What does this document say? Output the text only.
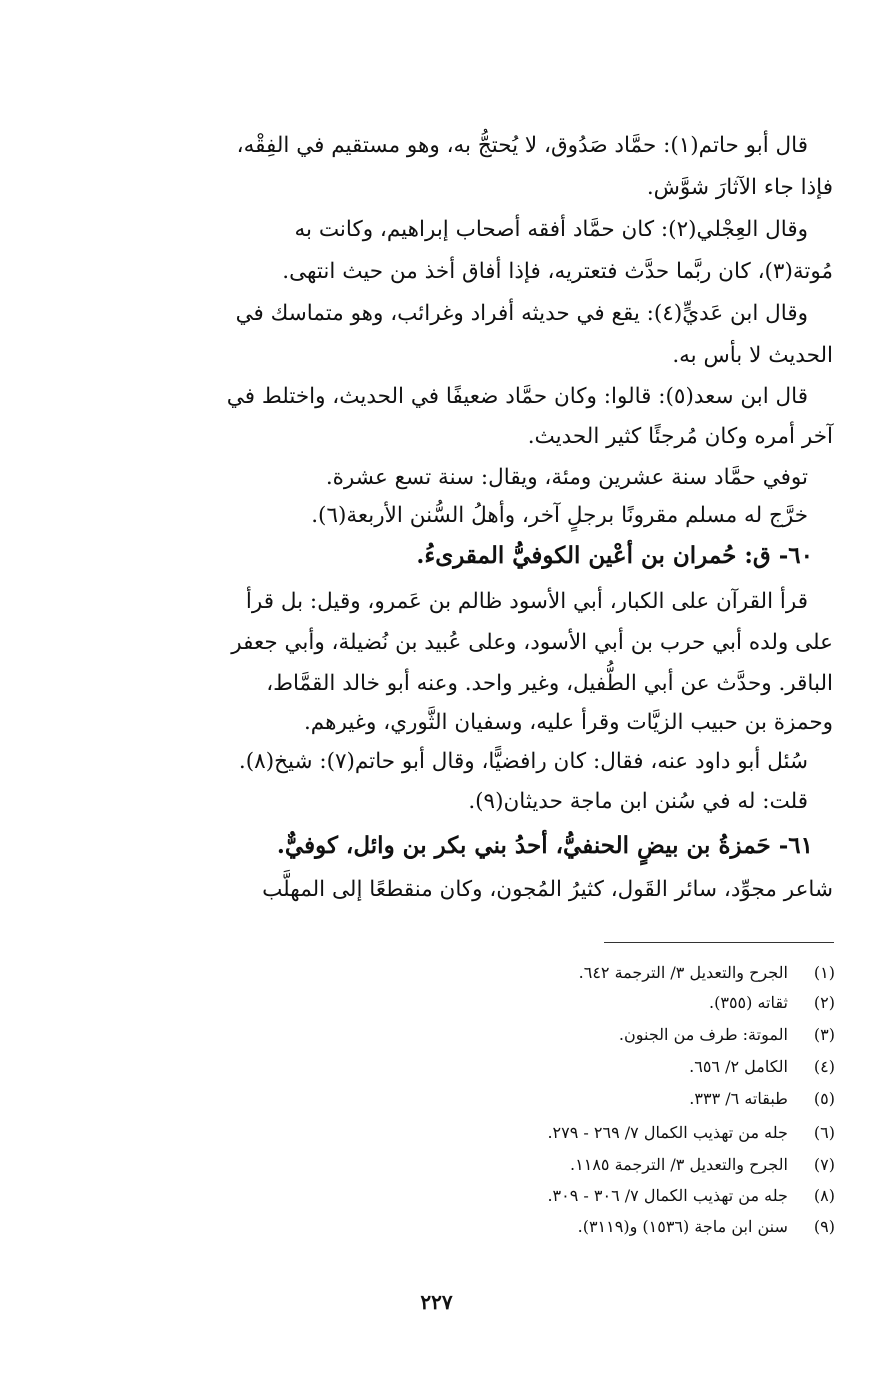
قال أبو حاتم(١): حمَّاد صَدُوق، لا يُحتجُّ به، وهو مستقيم في الفِقْه،
فإذا جاء الآثارَ شوَّش.
وقال العِجْلي(٢): كان حمَّاد أفقه أصحاب إبراهيم، وكانت به
مُوتة(٣)، كان ربَّما حدَّث فتعتريه، فإذا أفاق أخذ من حيث انتهى.
وقال ابن عَديٍّ(٤): يقع في حديثه أفراد وغرائب، وهو متماسك في
الحديث لا بأس به.
قال ابن سعد(٥): قالوا: وكان حمَّاد ضعيفًا في الحديث، واختلط في
آخر أمره وكان مُرجئًا كثير الحديث.
توفي حمَّاد سنة عشرين ومئة، ويقال: سنة تسع عشرة.
خرَّج له مسلم مقرونًا برجلٍ آخر، وأهلُ السُّنن الأربعة(٦).
٦٠- ق: حُمران بن أعْين الكوفيُّ المقرىءُ.
قرأ القرآن على الكبار، أبي الأسود ظالم بن عَمرو، وقيل: بل قرأ
على ولده أبي حرب بن أبي الأسود، وعلى عُبيد بن نُضيلة، وأبي جعفر
الباقر. وحدَّث عن أبي الطُّفيل، وغير واحد. وعنه أبو خالد القمَّاط،
وحمزة بن حبيب الزيَّات وقرأ عليه، وسفيان الثَّوري، وغيرهم.
سُئل أبو داود عنه، فقال: كان رافضيًّا، وقال أبو حاتم(٧): شيخ(٨).
قلت: له في سُنن ابن ماجة حديثان(٩).
٦١- حَمزةُ بن بيضٍ الحنفيُّ، أحدُ بني بكر بن وائل، كوفيٌّ.
شاعر مجوِّد، سائر القَول، كثيرُ المُجون، وكان منقطعًا إلى المهلَّب
(١) الجرح والتعديل ٣/ الترجمة ٦٤٢.
(٢) ثقاته (٣٥٥).
(٣) الموتة: طرف من الجنون.
(٤) الكامل ٢/ ٦٥٦.
(٥) طبقاته ٦/ ٣٣٣.
(٦) جله من تهذيب الكمال ٧/ ٢٦٩ - ٢٧٩.
(٧) الجرح والتعديل ٣/ الترجمة ١١٨٥.
(٨) جله من تهذيب الكمال ٧/ ٣٠٦ - ٣٠٩.
(٩) سنن ابن ماجة (١٥٣٦) و(٣١١٩).
٢٢٧
